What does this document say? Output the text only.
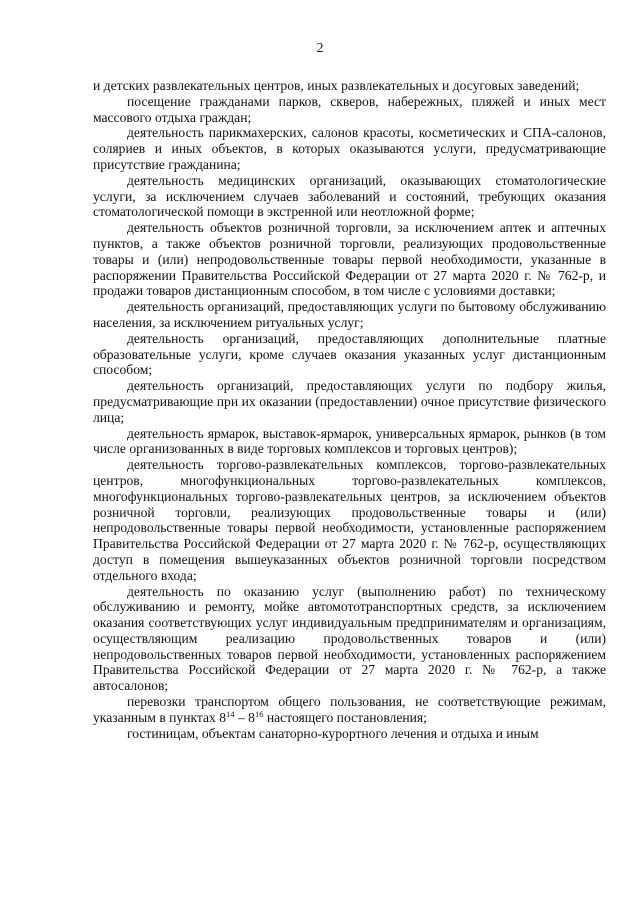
2

и детских развлекательных центров, иных развлекательных и досуговых заведений;

посещение гражданами парков, скверов, набережных, пляжей и иных мест массового отдыха граждан;

деятельность парикмахерских, салонов красоты, косметических и СПА-салонов, соляриев и иных объектов, в которых оказываются услуги, предусматривающие присутствие гражданина;

деятельность медицинских организаций, оказывающих стоматологические услуги, за исключением случаев заболеваний и состояний, требующих оказания стоматологической помощи в экстренной или неотложной форме;

деятельность объектов розничной торговли, за исключением аптек и аптечных пунктов, а также объектов розничной торговли, реализующих продовольственные товары и (или) непродовольственные товары первой необходимости, указанные в распоряжении Правительства Российской Федерации от 27 марта 2020 г. № 762-р, и продажи товаров дистанционным способом, в том числе с условиями доставки;

деятельность организаций, предоставляющих услуги по бытовому обслуживанию населения, за исключением ритуальных услуг;

деятельность организаций, предоставляющих дополнительные платные образовательные услуги, кроме случаев оказания указанных услуг дистанционным способом;

деятельность организаций, предоставляющих услуги по подбору жилья, предусматривающие при их оказании (предоставлении) очное присутствие физического лица;

деятельность ярмарок, выставок-ярмарок, универсальных ярмарок, рынков (в том числе организованных в виде торговых комплексов и торговых центров);

деятельность торгово-развлекательных комплексов, торгово-развлекательных центров, многофункциональных торгово-развлекательных комплексов, многофункциональных торгово-развлекательных центров, за исключением объектов розничной торговли, реализующих продовольственные товары и (или) непродовольственные товары первой необходимости, установленные распоряжением Правительства Российской Федерации от 27 марта 2020 г. № 762-р, осуществляющих доступ в помещения вышеуказанных объектов розничной торговли посредством отдельного входа;

деятельность по оказанию услуг (выполнению работ) по техническому обслуживанию и ремонту, мойке автомототранспортных средств, за исключением оказания соответствующих услуг индивидуальным предпринимателям и организациям, осуществляющим реализацию продовольственных товаров и (или) непродовольственных товаров первой необходимости, установленных распоряжением Правительства Российской Федерации от 27 марта 2020 г. № 762-р, а также автосалонов;

перевозки транспортом общего пользования, не соответствующие режимам, указанным в пунктах $8^{14} - 8^{16}$ настоящего постановления;

гостиницам, объектам санаторно-курортного лечения и отдыха и иным
